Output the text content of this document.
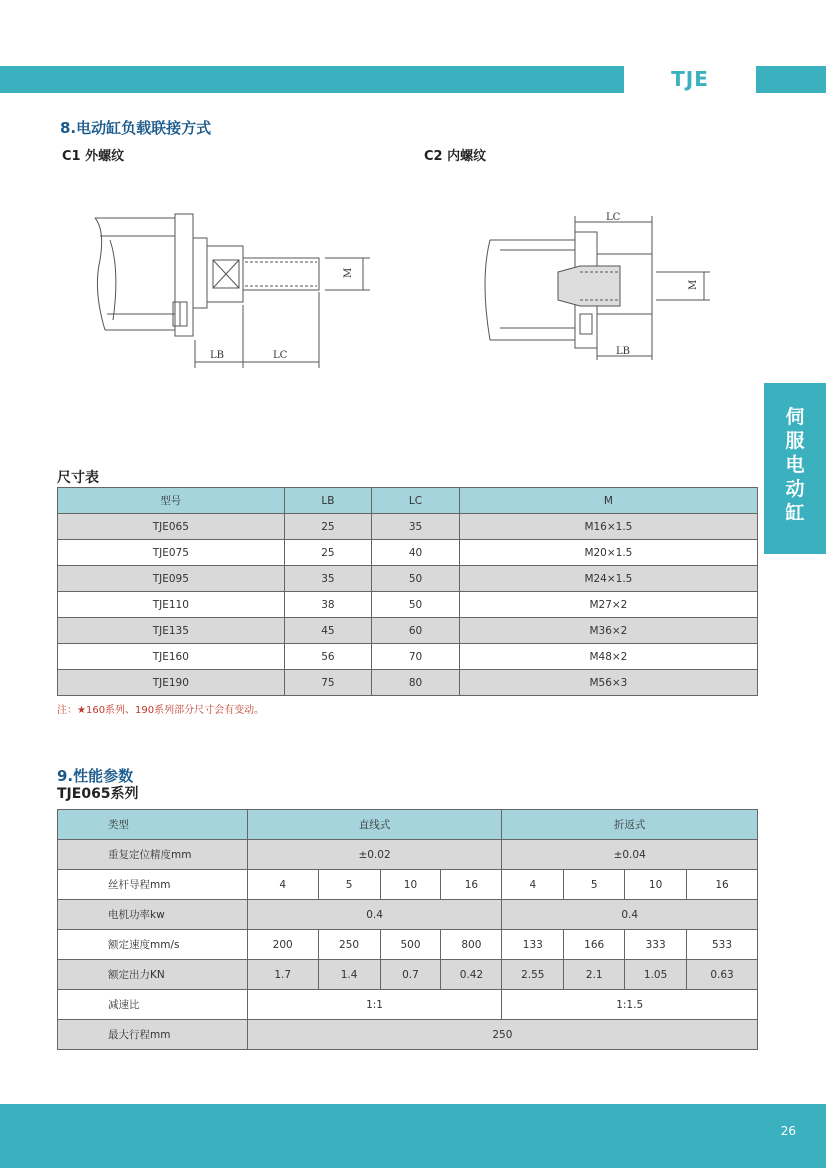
TJE
伺
服
电
动
缸
8.电动缸负载联接方式
C1 外螺纹	C2 内螺纹
LB	LC
M
LC
LB
M
尺寸表
型号	LB	LC	M
TJE065	25	35	M16×1.5
TJE075	25	40	M20×1.5
TJE095	35	50	M24×1.5
TJE110	38	50	M27×2
TJE135	45	60	M36×2
TJE160	56	70	M48×2
TJE190	75	80	M56×3
注：★160系列、190系列部分尺寸会有变动。
9.性能参数
TJE065系列
类型	直线式				折返式			
重复定位精度mm	±0.02				±0.04			
丝杆导程mm	4	5	10	16	4	5	10	16
电机功率kw	0.4				0.4			
额定速度mm/s	200	250	500	800	133	166	333	533
额定出力KN	1.7	1.4	0.7	0.42	2.55	2.1	1.05	0.63
减速比	1:1				1:1.5			
最大行程mm	250							
26
